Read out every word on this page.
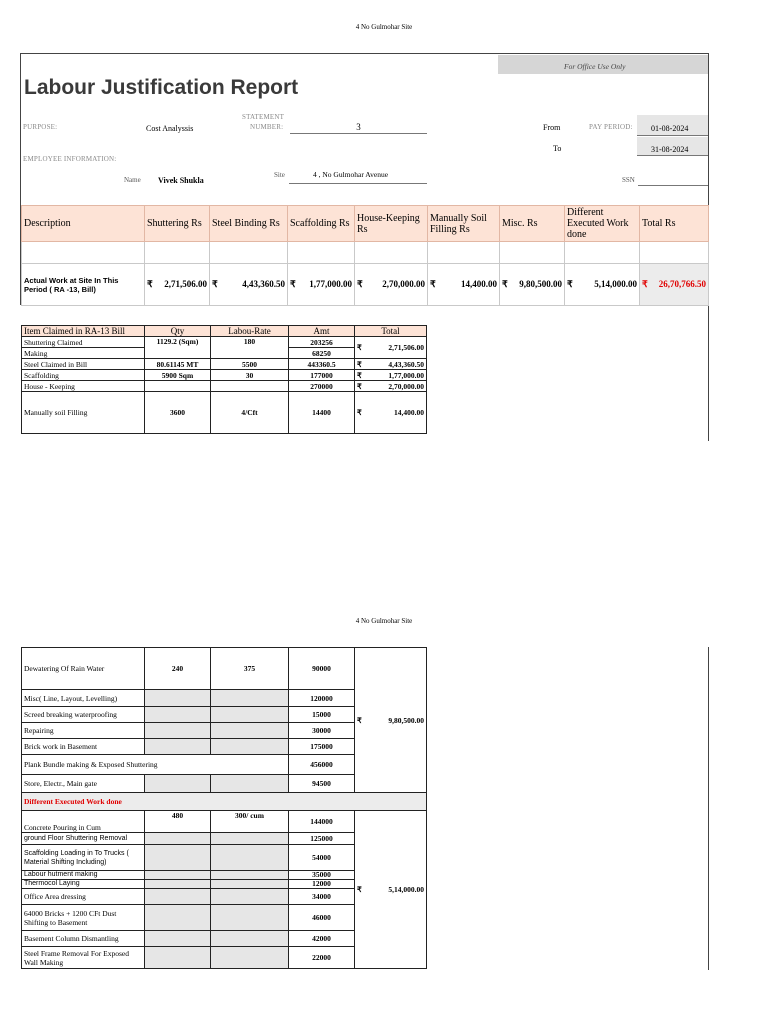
4 No Gulmohar Site
For Office Use Only
Labour Justification Report
PURPOSE:	Cost Analyssis
STATEMENT
NUMBER:	3	From	PAY PERIOD: 01-08-2024
To	31-08-2024
EMPLOYEE INFORMATION:
Name Vivek Shukla
Site	4 , No Gulmohar Avenue
SSN
Description	Shuttering Rs	Steel Binding Rs	Scaffolding Rs	House-Keeping Rs	Manually Soil Filling Rs	Misc. Rs	Different Executed Work done	Total Rs

Actual Work at Site In This Period ( RA -13, Bill)	₹ 2,71,506.00	₹ 4,43,360.50	₹ 1,77,000.00	₹ 2,70,000.00	₹ 14,400.00	₹ 9,80,500.00	₹ 5,14,000.00	₹ 26,70,766.50
Item Claimed in RA-13 Bill	Qty	Labou-Rate	Amt	Total
Shuttering Claimed	1129.2 (Sqm)	180	203256	₹ 2,71,506.00

Making			68250	
Steel Claimed in Bill	80.61145 MT	5500	443360.5	₹ 4,43,360.50

Scaffolding	5900 Sqm	30	177000	₹ 1,77,000.00

House - Keeping			270000	₹ 2,70,000.00

Manually soil Filling	3600	4/Cft	14400	₹ 14,400.00
4 No Gulmohar Site
Dewatering Of Rain Water	240	375	90000	₹ 9,80,500.00

Misc( Line, Layout, Levelling)			120000	
Screed breaking waterproofing			15000	
Repairing			30000	
Brick work in Basement			175000	
Plank Bundle making & Exposed Shuttering			456000	
Store, Electr., Main gate			94500	
Different Executed Work done				
Concrete Pouring in Cum	480	300/ cum	144000	₹ 5,14,000.00

ground Floor Shuttering Removal			125000	
Scaffolding Loading in To Trucks ( Material Shifting Including)			54000	
Labour hutment making			35000	
Thermocol Laying			12000	
Office Area dressing			34000	
64000 Bricks + 1200 CFt Dust Shifting to Basement			46000	
Basement Column Dismantling			42000	
Steel Frame Removal For Exposed Wall Making			22000	
